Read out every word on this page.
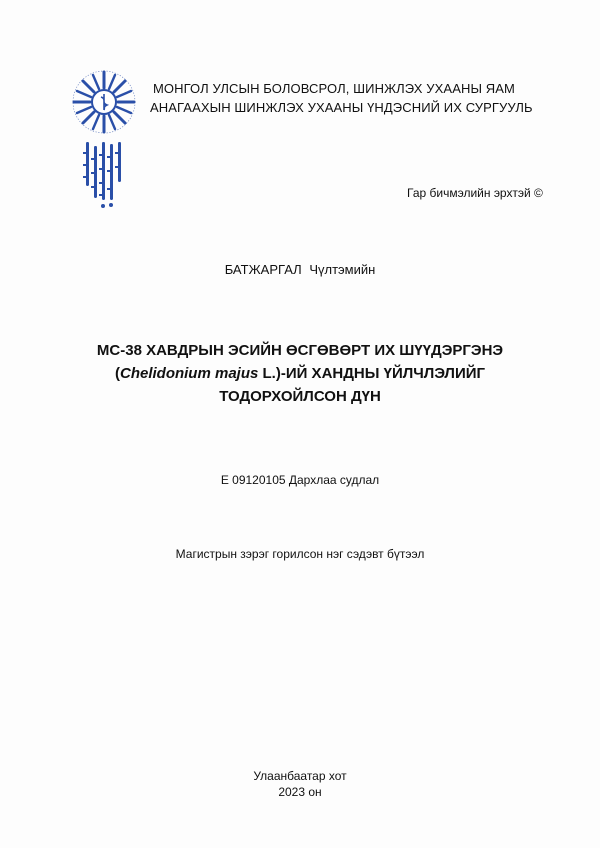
МОНГОЛ УЛСЫН БОЛОВСРОЛ, ШИНЖЛЭХ УХААНЫ ЯАМ
АНАГААХЫН ШИНЖЛЭХ УХААНЫ ҮНДЭСНИЙ ИХ СУРГУУЛЬ
Гар бичмэлийн эрхтэй ©
БАТЖАРГАЛ Чүлтэмийн
МС-38 ХАВДРЫН ЭСИЙН ӨСГӨВӨРТ ИХ ШҮҮДЭРГЭНЭ
(Chelidonium majus L.)-ИЙ ХАНДНЫ ҮЙЛЧЛЭЛИЙГ
ТОДОРХОЙЛСОН ДҮН
Е 09120105 Дархлаа судлал
Магистрын зэрэг горилсон нэг сэдэвт бүтээл
Улаанбаатар хот
2023 он
